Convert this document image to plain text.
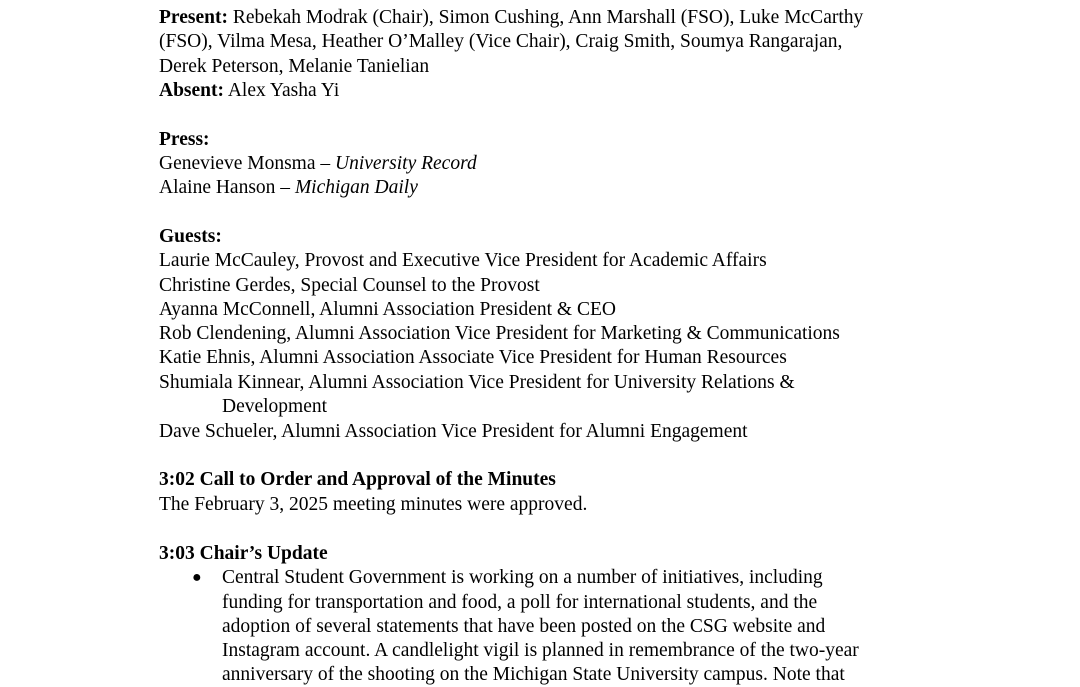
Present: Rebekah Modrak (Chair), Simon Cushing, Ann Marshall (FSO), Luke McCarthy
(FSO), Vilma Mesa, Heather O’Malley (Vice Chair), Craig Smith, Soumya Rangarajan,
Derek Peterson, Melanie Tanielian
Absent: Alex Yasha Yi
Press:
Genevieve Monsma – University Record
Alaine Hanson – Michigan Daily
Guests:
Laurie McCauley, Provost and Executive Vice President for Academic Affairs
Christine Gerdes, Special Counsel to the Provost
Ayanna McConnell, Alumni Association President & CEO
Rob Clendening, Alumni Association Vice President for Marketing & Communications
Katie Ehnis, Alumni Association Associate Vice President for Human Resources
Shumiala Kinnear, Alumni Association Vice President for University Relations &
Development
Dave Schueler, Alumni Association Vice President for Alumni Engagement
3:02 Call to Order and Approval of the Minutes
The February 3, 2025 meeting minutes were approved.
3:03 Chair’s Update
● Central Student Government is working on a number of initiatives, including
funding for transportation and food, a poll for international students, and the
adoption of several statements that have been posted on the CSG website and
Instagram account. A candlelight vigil is planned in remembrance of the two-year
anniversary of the shooting on the Michigan State University campus. Note that
